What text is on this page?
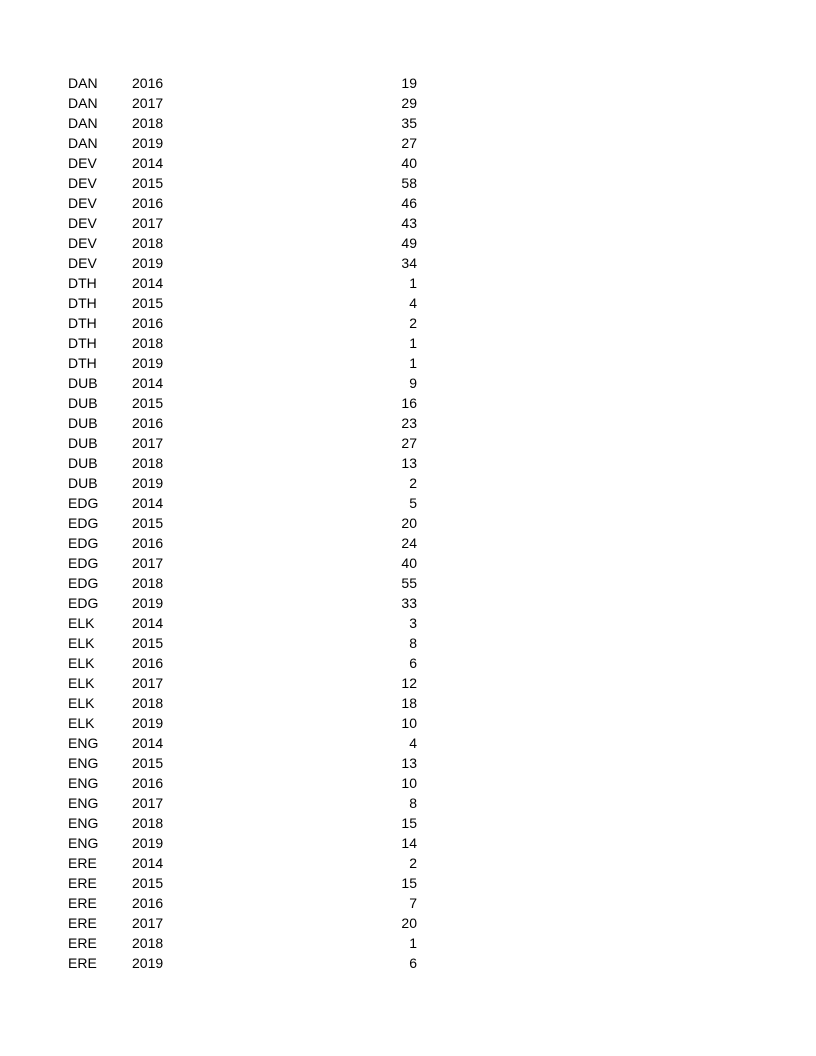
DAN	2016	19
DAN	2017	29
DAN	2018	35
DAN	2019	27
DEV	2014	40
DEV	2015	58
DEV	2016	46
DEV	2017	43
DEV	2018	49
DEV	2019	34
DTH	2014	1
DTH	2015	4
DTH	2016	2
DTH	2018	1
DTH	2019	1
DUB	2014	9
DUB	2015	16
DUB	2016	23
DUB	2017	27
DUB	2018	13
DUB	2019	2
EDG	2014	5
EDG	2015	20
EDG	2016	24
EDG	2017	40
EDG	2018	55
EDG	2019	33
ELK	2014	3
ELK	2015	8
ELK	2016	6
ELK	2017	12
ELK	2018	18
ELK	2019	10
ENG	2014	4
ENG	2015	13
ENG	2016	10
ENG	2017	8
ENG	2018	15
ENG	2019	14
ERE	2014	2
ERE	2015	15
ERE	2016	7
ERE	2017	20
ERE	2018	1
ERE	2019	6
